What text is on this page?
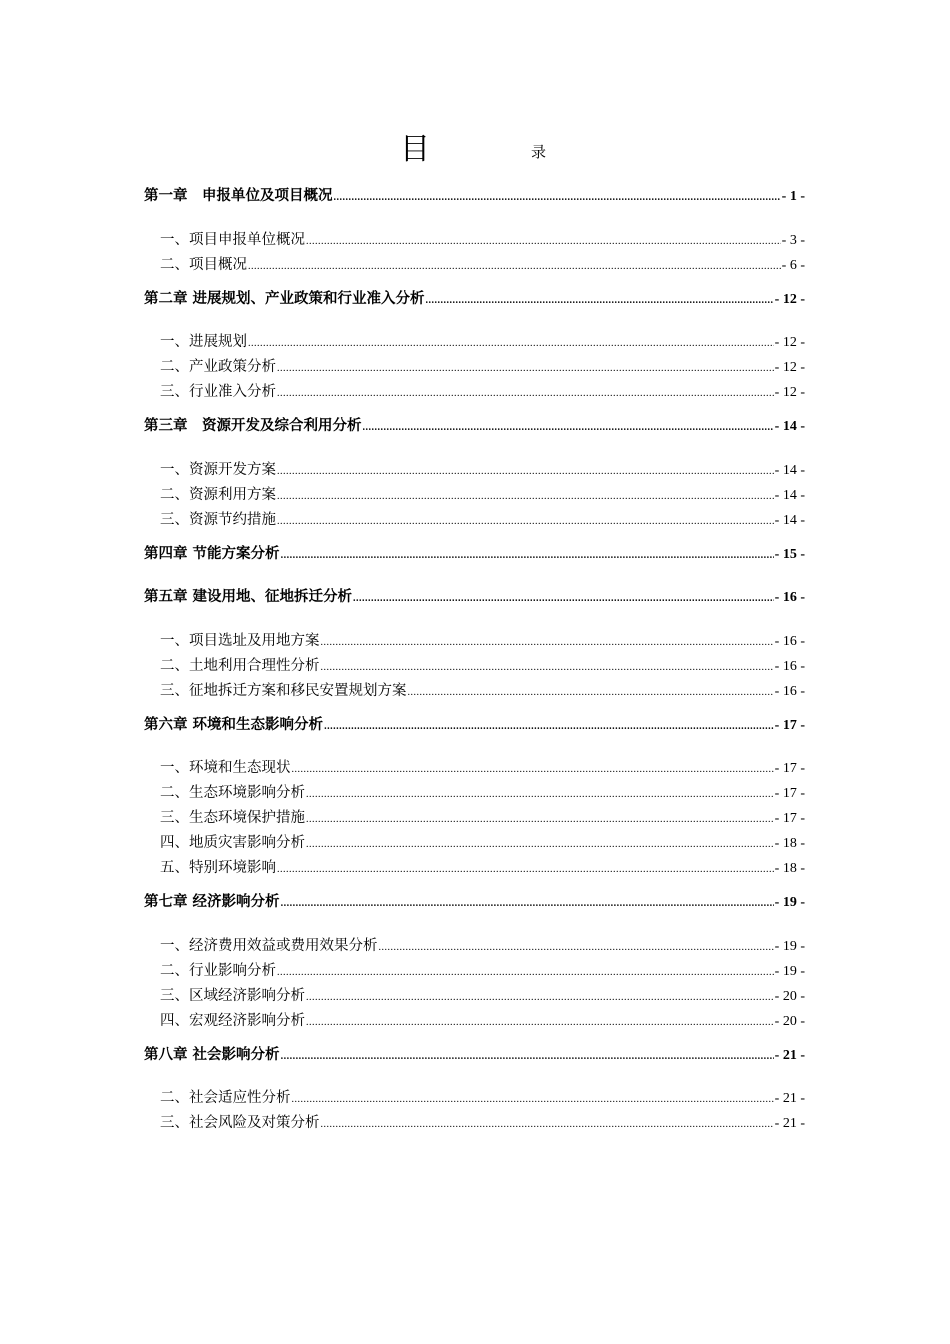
目	录
第一章　申报单位及项目概况 .....	- 1 -
一、项目申报单位概况 .....	- 3 -
二、项目概况 .....	- 6 -
第二章 进展规划、产业政策和行业准入分析 .....	- 12 -
一、进展规划 .....	- 12 -
二、产业政策分析 .....	- 12 -
三、行业准入分析 .....	- 12 -
第三章　资源开发及综合利用分析 .....	- 14 -
一、资源开发方案 .....	- 14 -
二、资源利用方案 .....	- 14 -
三、资源节约措施 .....	- 14 -
第四章 节能方案分析 .....	- 15 -
第五章 建设用地、征地拆迁分析 .....	- 16 -
一、项目选址及用地方案 .....	- 16 -
二、土地利用合理性分析 .....	- 16 -
三、征地拆迁方案和移民安置规划方案 .....	- 16 -
第六章 环境和生态影响分析 .....	- 17 -
一、环境和生态现状 .....	- 17 -
二、生态环境影响分析 .....	- 17 -
三、生态环境保护措施 .....	- 17 -
四、地质灾害影响分析 .....	- 18 -
五、特别环境影响 .....	- 18 -
第七章 经济影响分析 .....	- 19 -
一、经济费用效益或费用效果分析 .....	- 19 -
二、行业影响分析 .....	- 19 -
三、区域经济影响分析 .....	- 20 -
四、宏观经济影响分析 .....	- 20 -
第八章 社会影响分析 .....	- 21 -
二、社会适应性分析 .....	- 21 -
三、社会风险及对策分析 .....	- 21 -
